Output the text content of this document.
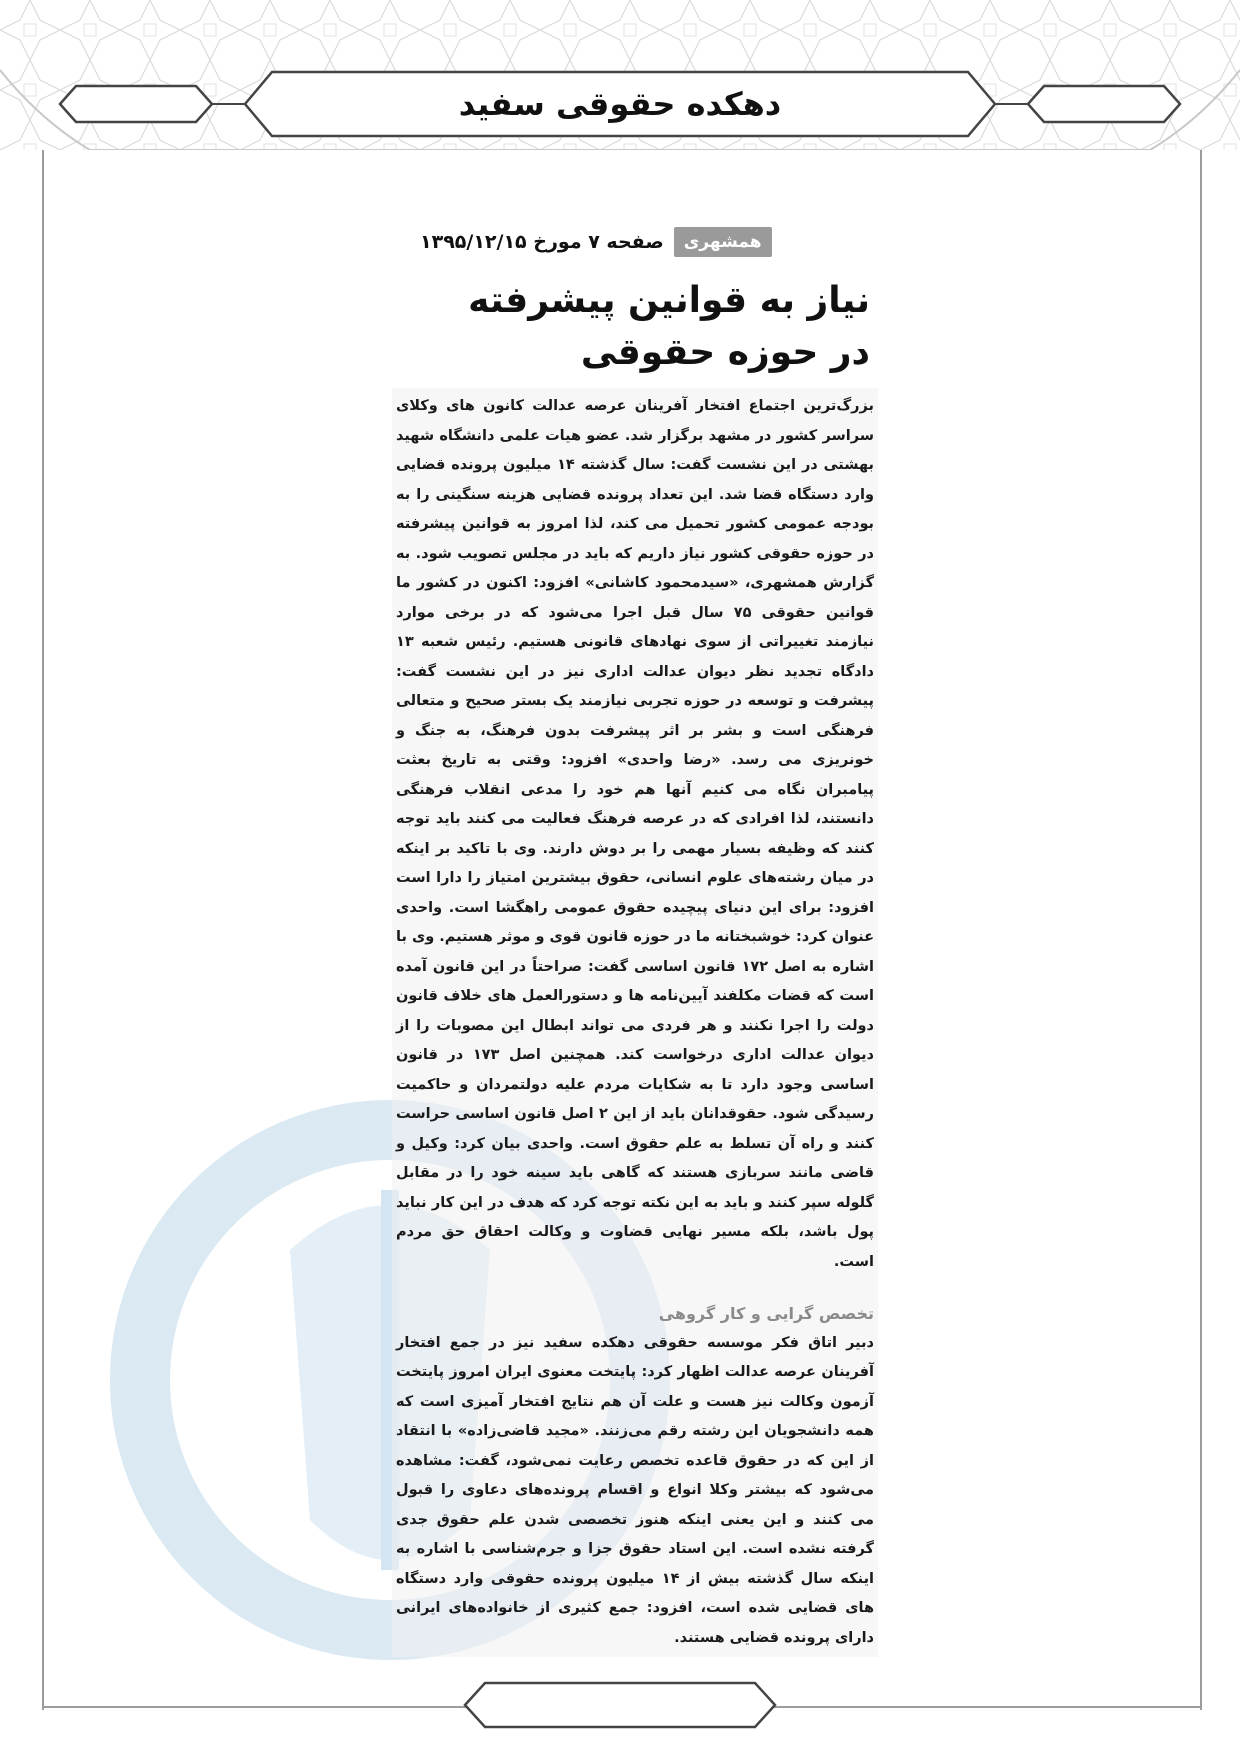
دهکده حقوقی سفید
همشهری
صفحه ۷ مورخ ۱۳۹۵/۱۲/۱۵
نیاز به قوانین پیشرفته
در حوزه حقوقی

بزرگ‌ترین اجتماع افتخار آفرینان عرصه عدالت کانون های وکلای سراسر کشور در مشهد برگزار شد. عضو هیات علمی دانشگاه شهید بهشتی در این نشست گفت: سال گذشته ۱۴ میلیون پرونده قضایی وارد دستگاه قضا شد. این تعداد پرونده قضایی هزینه سنگینی را به بودجه عمومی کشور تحمیل می کند، لذا امروز به قوانین پیشرفته در حوزه حقوقی کشور نیاز داریم که باید در مجلس تصویب شود. به گزارش همشهری، «سیدمحمود کاشانی» افزود: اکنون در کشور ما قوانین حقوقی ۷۵ سال قبل اجرا می‌شود که در برخی موارد نیازمند تغییراتی از سوی نهادهای قانونی هستیم. رئیس شعبه ۱۳ دادگاه تجدید نظر دیوان عدالت اداری نیز در این نشست گفت: پیشرفت و توسعه در حوزه تجربی نیازمند یک بستر صحیح و متعالی فرهنگی است و بشر بر اثر پیشرفت بدون فرهنگ، به جنگ و خونریزی می رسد. «رضا واحدی» افزود: وقتی به تاریخ بعثت پیامبران نگاه می کنیم آنها هم خود را مدعی انقلاب فرهنگی دانستند، لذا افرادی که در عرصه فرهنگ فعالیت می کنند باید توجه کنند که وظیفه بسیار مهمی را بر دوش دارند. وی با تاکید بر اینکه در میان رشته‌های علوم انسانی، حقوق بیشترین امتیاز را دارا است افزود: برای این دنیای پیچیده حقوق عمومی راهگشا است. واحدی عنوان کرد: خوشبختانه ما در حوزه قانون قوی و موثر هستیم. وی با اشاره به اصل ۱۷۲ قانون اساسی گفت: صراحتاً در این قانون آمده است که قضات مکلفند آیین‌نامه ها و دستورالعمل های خلاف قانون دولت را اجرا نکنند و هر فردی می تواند ابطال این مصوبات را از دیوان عدالت اداری درخواست کند. همچنین اصل ۱۷۳ در قانون اساسی وجود دارد تا به شکایات مردم علیه دولتمردان و حاکمیت رسیدگی شود. حقوقدانان باید از این ۲ اصل قانون اساسی حراست کنند و راه آن تسلط به علم حقوق است. واحدی بیان کرد: وکیل و قاضی مانند سربازی هستند که گاهی باید سینه خود را در مقابل گلوله سپر کنند و باید به این نکته توجه کرد که هدف در این کار نباید پول باشد، بلکه مسیر نهایی قضاوت و وکالت احقاق حق مردم است.

تخصص گرایی و کار گروهی

دبیر اتاق فکر موسسه حقوقی دهکده سفید نیز در جمع افتخار آفرینان عرصه عدالت اظهار کرد: پایتخت معنوی ایران امروز پایتخت آزمون وکالت نیز هست و علت آن هم نتایج افتخار آمیزی است که همه دانشجویان این رشته رقم می‌زنند. «مجید قاضی‌زاده» با انتقاد از این که در حقوق قاعده تخصص رعایت نمی‌شود، گفت: مشاهده می‌شود که بیشتر وکلا انواع و اقسام پرونده‌های دعاوی را قبول می کنند و این یعنی اینکه هنوز تخصصی شدن علم حقوق جدی گرفته نشده است. این استاد حقوق جزا و جرم‌شناسی با اشاره به اینکه سال گذشته بیش از ۱۴ میلیون پرونده حقوقی وارد دستگاه های قضایی شده است، افزود: جمع کثیری از خانواده‌های ایرانی دارای پرونده قضایی هستند.
